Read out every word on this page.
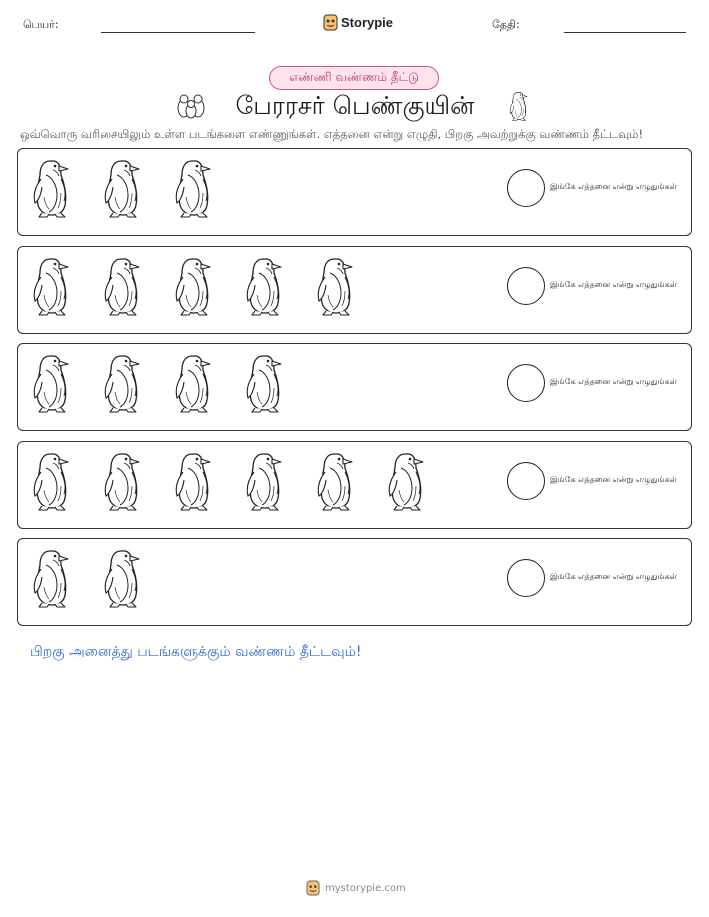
பெயர்:	Storypie	தேதி:
எண்ணி வண்ணம் தீட்டு
பேரரசர் பெண்குயின்
ஒவ்வொரு வரிசையிலும் உள்ள படங்களை எண்ணுங்கள். எத்தனை என்று எழுதி, பிறகு அவற்றுக்கு வண்ணம் தீட்டவும்!
இங்கே எத்தனை என்று எழுதுங்கள்
இங்கே எத்தனை என்று எழுதுங்கள்
இங்கே எத்தனை என்று எழுதுங்கள்
இங்கே எத்தனை என்று எழுதுங்கள்
இங்கே எத்தனை என்று எழுதுங்கள்
பிறகு அனைத்து படங்களுக்கும் வண்ணம் தீட்டவும்!
mystorypie.com
